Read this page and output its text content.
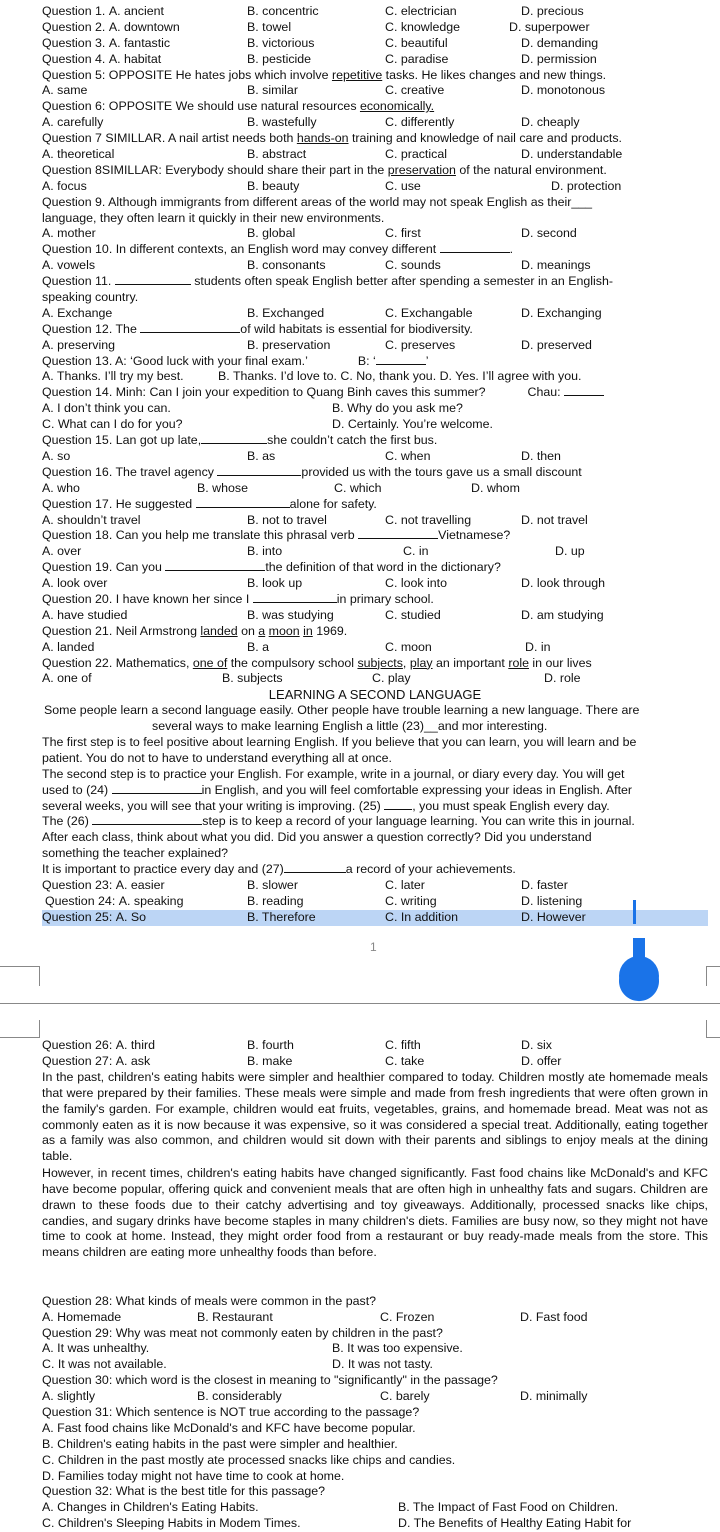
Question 1. A. ancient	B. concentric	C. electrician	D. precious
Question 2. A. downtown	B. towel	C. knowledge	D. superpower
Question 3. A. fantastic	B. victorious	C. beautiful	D. demanding
Question 4. A. habitat	B. pesticide	C. paradise	D. permission
Question 5: OPPOSITE He hates jobs which involve repetitive tasks. He likes changes and new things.
A. same	B. similar	C. creative	D. monotonous
Question 6: OPPOSITE We should use natural resources economically.
A. carefully	B. wastefully	C. differently	D. cheaply
Question 7 SIMILLAR. A nail artist needs both hands-on training and knowledge of nail care and products.
A. theoretical	B. abstract	C. practical	D. understandable
Question 8SIMILLAR: Everybody should share their part in the preservation of the natural environment.
A. focus	B. beauty	C. use	D. protection
Question 9. Although immigrants from different areas of the world may not speak English as their___
language, they often learn it quickly in their new environments.
A. mother	B. global	C. first	D. second
Question 10. In different contexts, an English word may convey different	.
A. vowels	B. consonants	C. sounds	D. meanings
Question 11.	students often speak English better after spending a semester in an English-
speaking country.
A. Exchange	B. Exchanged	C. Exchangable	D. Exchanging
Question 12. The	of wild habitats is essential for biodiversity.
A. preserving	B. preservation	C. preserves	D. preserved
Question 13. A: ‘Good luck with your final exam.’	B: ‘	’
A. Thanks. I’ll try my best.          B. Thanks. I’d love to. C. No, thank you. D. Yes. I’ll agree with you.
Question 14. Minh: Can I join your expedition to Quang Binh caves this summer?	Chau:
A. I don’t think you can.	B. Why do you ask me?
C. What can I do for you?	D. Certainly. You’re welcome.
Question 15. Lan got up late,	she couldn’t catch the first bus.
A. so	B. as	C. when	D. then
Question 16. The travel agency	provided us with the tours gave us a small discount
A. who	B. whose	C. which	D. whom
Question 17. He suggested	alone for safety.
A. shouldn’t travel	B. not to travel	C. not travelling	D. not travel
Question 18. Can you help me translate this phrasal verb	Vietnamese?
A. over	B. into	C. in	D. up
Question 19. Can you	the definition of that word in the dictionary?
A. look over	B. look up	C. look into	D. look through
Question 20. I have known her since I	in primary school.
A. have studied	B. was studying	C. studied	D. am studying
Question 21. Neil Armstrong landed on a moon in 1969.
A. landed	B. a	C. moon	D. in
Question 22. Mathematics, one of the compulsory school subjects, play an important role in our lives
A. one of	B. subjects	C. play	D. role
LEARNING A SECOND LANGUAGE
Some people learn a second language easily. Other people have trouble learning a new language. There are
several ways to make learning English a little (23)__and mor interesting.
The first step is to feel positive about learning English. If you believe that you can learn, you will learn and be
patient. You do not to have to understand everything all at once.
The second step is to practice your English. For example, write in a journal, or diary every day. You will get
used to (24)	in English, and you will feel comfortable expressing your ideas in English. After
several weeks, you will see that your writing is improving. (25)	, you must speak English every day.
The (26)	step is to keep a record of your language learning. You can write this in journal.
After each class, think about what you did. Did you answer a question correctly? Did you understand
something the teacher explained?
It is important to practice every day and (27)	a record of your achievements.
Question 23: A. easier	B. slower	C. later	D. faster
Question 24: A. speaking	B. reading	C. writing	D. listening
Question 25: A. So	B. Therefore	C. In addition	D. However
1
Question 26: A. third	B. fourth	C. fifth	D. six
Question 27: A. ask	B. make	C. take	D. offer
In the past, children's eating habits were simpler and healthier compared to today. Children mostly ate homemade meals that were prepared by their families. These meals were simple and made from fresh ingredients that were often grown in the family's garden. For example, children would eat fruits, vegetables, grains, and homemade bread. Meat was not as commonly eaten as it is now because it was expensive, so it was considered a special treat. Additionally, eating together as a family was also common, and children would sit down with their parents and siblings to enjoy meals at the dining table.
However, in recent times, children's eating habits have changed significantly. Fast food chains like McDonald's and KFC have become popular, offering quick and convenient meals that are often high in unhealthy fats and sugars. Children are drawn to these foods due to their catchy advertising and toy giveaways. Additionally, processed snacks like chips, candies, and sugary drinks have become staples in many children's diets. Families are busy now, so they might not have time to cook at home. Instead, they might order food from a restaurant or buy ready-made meals from the store. This means children are eating more unhealthy foods than before.
Question 28: What kinds of meals were common in the past?
A. Homemade	B. Restaurant	C. Frozen	D. Fast food
Question 29: Why was meat not commonly eaten by children in the past?
A. It was unhealthy.	B. It was too expensive.
C. It was not available.	D. It was not tasty.
Question 30: which word is the closest in meaning to "significantly" in the passage?
A. slightly	B. considerably	C. barely	D. minimally
Question 31: Which sentence is NOT true according to the passage?
A. Fast food chains like McDonald's and KFC have become popular.
B. Children's eating habits in the past were simpler and healthier.
C. Children in the past mostly ate processed snacks like chips and candies.
D. Families today might not have time to cook at home.
Question 32: What is the best title for this passage?
A. Changes in Children's Eating Habits.	B. The Impact of Fast Food on Children.
C. Children's Sleeping Habits in Modem Times.	D. The Benefits of Healthy Eating Habit for
